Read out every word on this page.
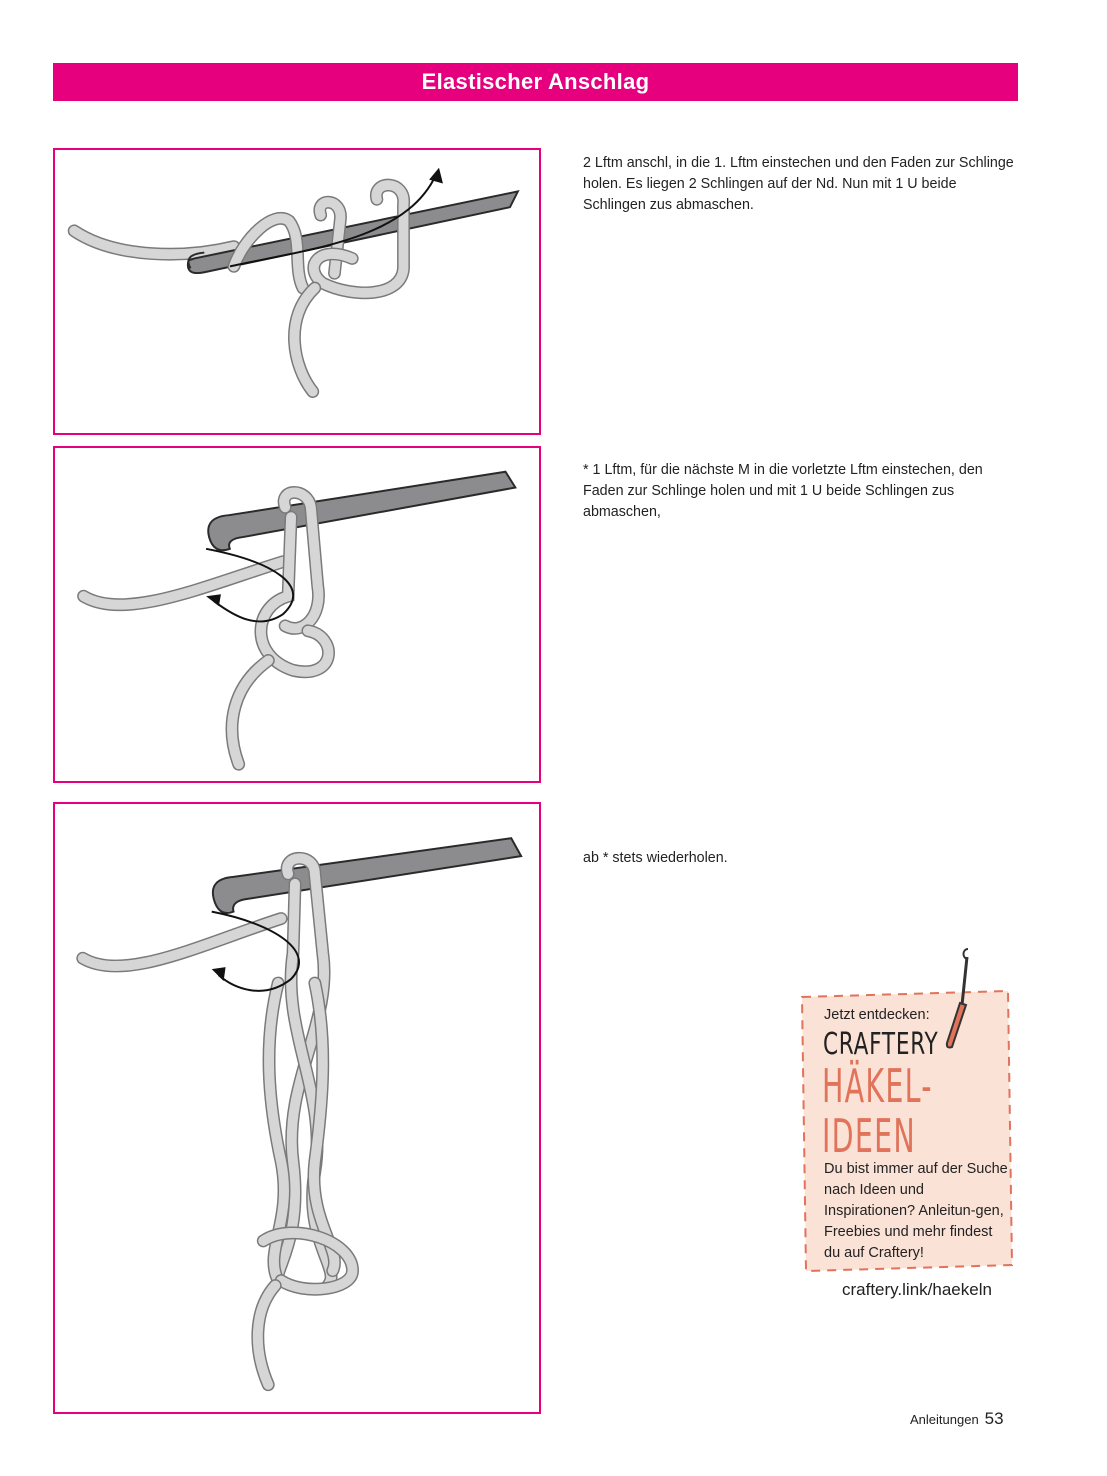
Elastischer Anschlag
2 Lftm anschl, in die 1. Lftm einstechen und den Faden zur Schlinge holen. Es liegen 2 Schlingen auf der Nd. Nun mit 1 U beide Schlingen zus abmaschen.
* 1 Lftm, für die nächste M in die vorletzte Lftm einstechen, den Faden zur Schlinge holen und mit 1 U beide Schlingen zus abmaschen,
ab * stets wiederholen.
Jetzt entdecken:
CRAFTERY
HÄKEL-
IDEEN
Du bist immer auf der Suche nach Ideen und Inspirationen? Anleitun-gen, Freebies und mehr findest du auf Craftery!
craftery.link/haekeln
Anleitungen 53
